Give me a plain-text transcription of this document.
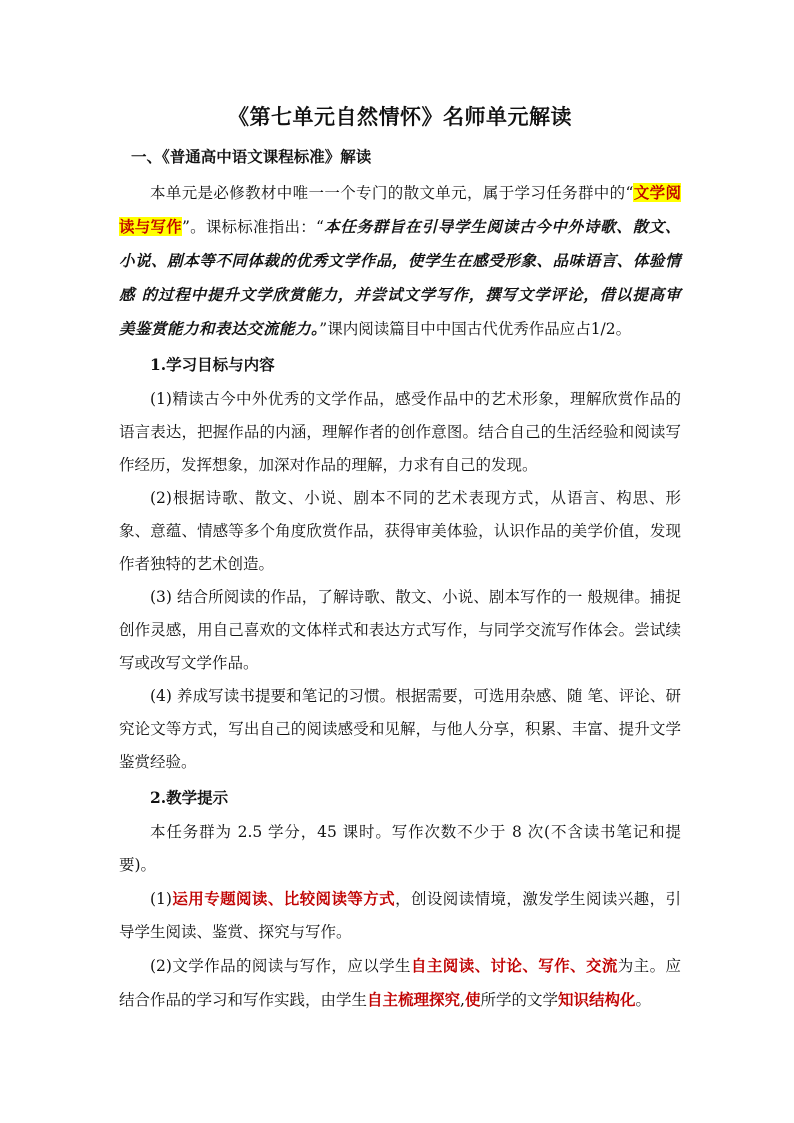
《第七单元自然情怀》名师单元解读
一、《普通高中语文课程标准》解读

本单元是必修教材中唯一一个专门的散文单元，属于学习任务群中的“文学阅读与写作”。课标标准指出：“本任务群旨在引导学生阅读古今中外诗歌、散文、小说、剧本等不同体裁的优秀文学作品，使学生在感受形象、品味语言、体验情感 的过程中提升文学欣赏能力，并尝试文学写作，撰写文学评论，借以提高审美鉴赏能力和表达交流能力。”课内阅读篇目中中国古代优秀作品应占1/2。

1.学习目标与内容

(1)精读古今中外优秀的文学作品，感受作品中的艺术形象，理解欣赏作品的语言表达，把握作品的内涵，理解作者的创作意图。结合自己的生活经验和阅读写作经历，发挥想象，加深对作品的理解，力求有自己的发现。

(2)根据诗歌、散文、小说、剧本不同的艺术表现方式，从语言、构思、形象、意蕴、情感等多个角度欣赏作品，获得审美体验，认识作品的美学价值，发现作者独特的艺术创造。

(3) 结合所阅读的作品，了解诗歌、散文、小说、剧本写作的一 般规律。捕捉创作灵感，用自己喜欢的文体样式和表达方式写作，与同学交流写作体会。尝试续写或改写文学作品。

(4) 养成写读书提要和笔记的习惯。根据需要，可选用杂感、随 笔、评论、研究论文等方式，写出自己的阅读感受和见解，与他人分享，积累、丰富、提升文学鉴赏经验。

2.教学提示

本任务群为 2.5 学分，45 课时。写作次数不少于 8 次(不含读书笔记和提要)。

(1)运用专题阅读、比较阅读等方式，创设阅读情境，激发学生阅读兴趣，引导学生阅读、鉴赏、探究与写作。

(2)文学作品的阅读与写作，应以学生自主阅读、讨论、写作、交流为主。应结合作品的学习和写作实践，由学生自主梳理探究,使所学的文学知识结构化。
